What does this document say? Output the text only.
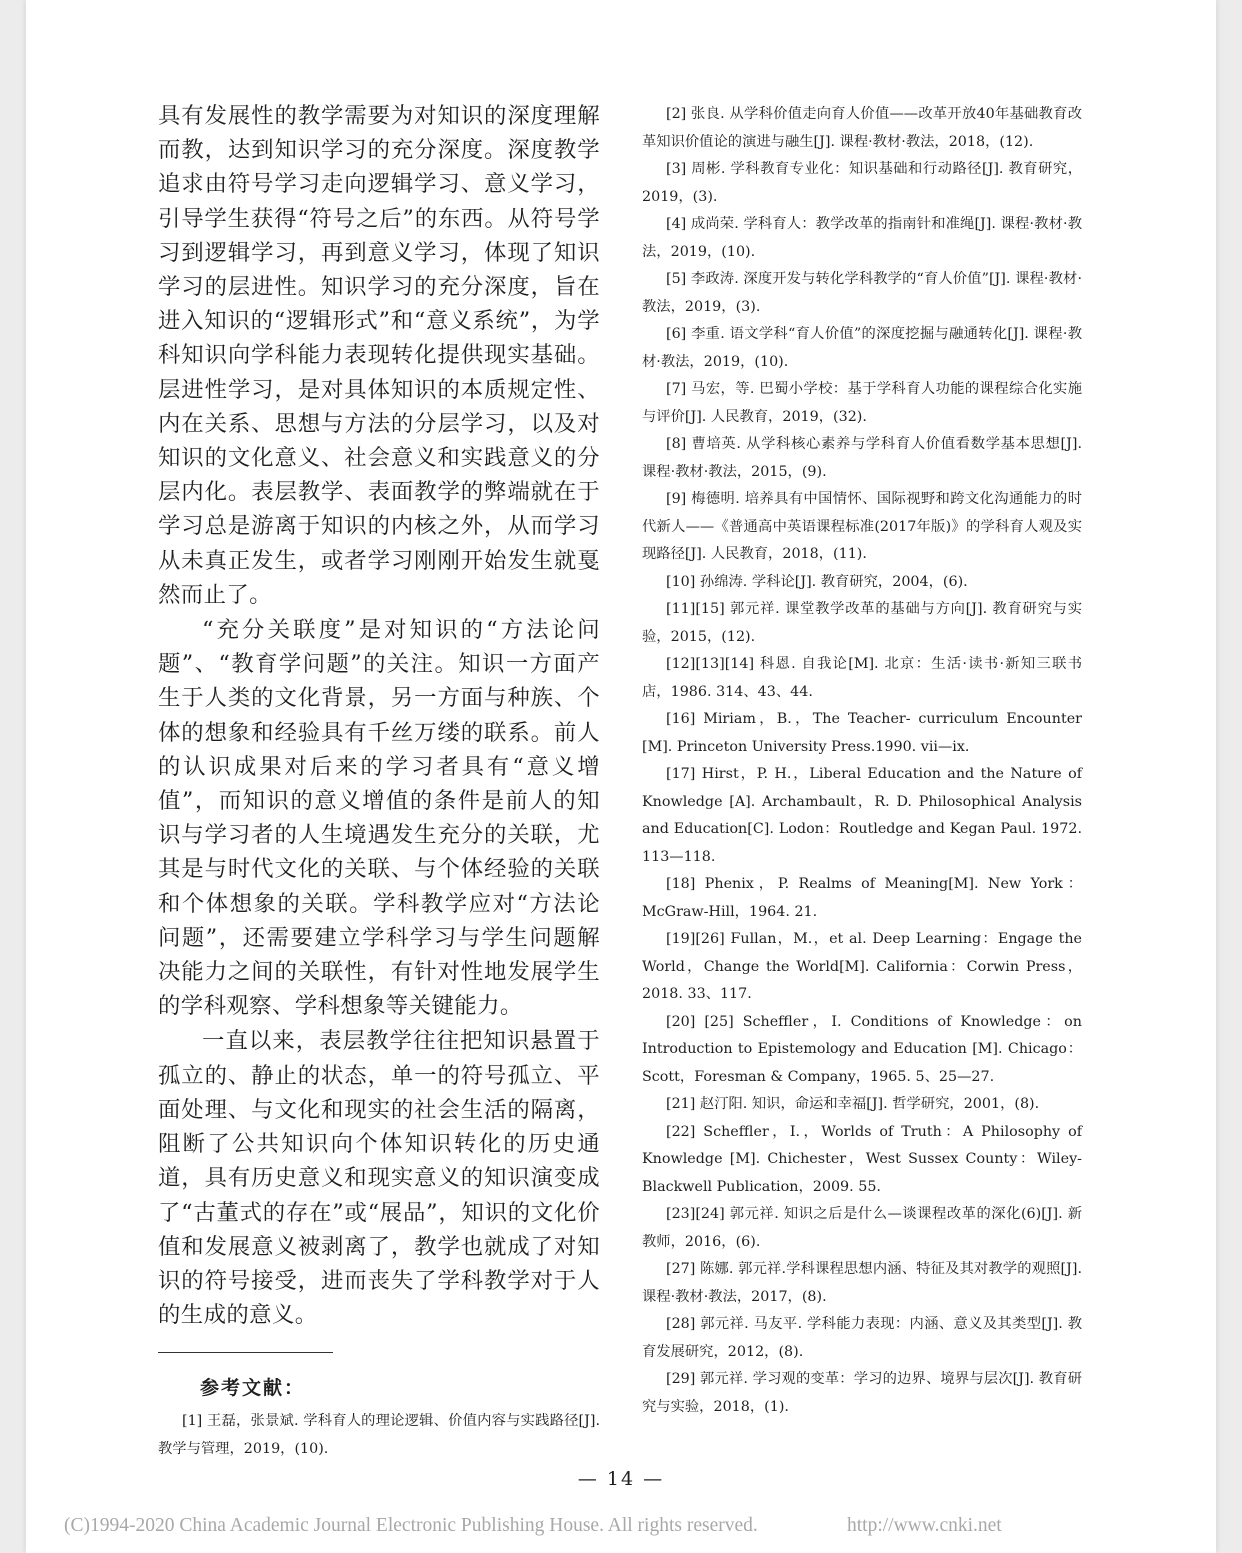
具有发展性的教学需要为对知识的深度理解而教，达到知识学习的充分深度。深度教学追求由符号学习走向逻辑学习、意义学习，引导学生获得“符号之后”的东西。从符号学习到逻辑学习，再到意义学习，体现了知识学习的层进性。知识学习的充分深度，旨在进入知识的“逻辑形式”和“意义系统”，为学科知识向学科能力表现转化提供现实基础。层进性学习，是对具体知识的本质规定性、内在关系、思想与方法的分层学习，以及对知识的文化意义、社会意义和实践意义的分层内化。表层教学、表面教学的弊端就在于学习总是游离于知识的内核之外，从而学习从未真正发生，或者学习刚刚开始发生就戛然而止了。

“充分关联度”是对知识的“方法论问题”、“教育学问题”的关注。知识一方面产生于人类的文化背景，另一方面与种族、个体的想象和经验具有千丝万缕的联系。前人的认识成果对后来的学习者具有“意义增值”，而知识的意义增值的条件是前人的知识与学习者的人生境遇发生充分的关联，尤其是与时代文化的关联、与个体经验的关联和个体想象的关联。学科教学应对“方法论问题”，还需要建立学科学习与学生问题解决能力之间的关联性，有针对性地发展学生的学科观察、学科想象等关键能力。

一直以来，表层教学往往把知识悬置于孤立的、静止的状态，单一的符号孤立、平面处理、与文化和现实的社会生活的隔离，阻断了公共知识向个体知识转化的历史通道，具有历史意义和现实意义的知识演变成了“古董式的存在”或“展品”，知识的文化价值和发展意义被剥离了，教学也就成了对知识的符号接受，进而丧失了学科教学对于人的生成的意义。

参考文献：

[1] 王磊，张景斌. 学科育人的理论逻辑、价值内容与实践路径[J]. 教学与管理，2019，(10).

[2] 张良. 从学科价值走向育人价值——改革开放40年基础教育改革知识价值论的演进与融生[J]. 课程·教材·教法，2018，(12).

[3] 周彬. 学科教育专业化：知识基础和行动路径[J]. 教育研究，2019，(3).

[4] 成尚荣. 学科育人：教学改革的指南针和准绳[J]. 课程·教材·教法，2019，(10).

[5] 李政涛. 深度开发与转化学科教学的“育人价值”[J]. 课程·教材·教法，2019，(3).

[6] 李重. 语文学科“育人价值”的深度挖掘与融通转化[J]. 课程·教材·教法，2019，(10).

[7] 马宏，等. 巴蜀小学校：基于学科育人功能的课程综合化实施与评价[J]. 人民教育，2019，(32).

[8] 曹培英. 从学科核心素养与学科育人价值看数学基本思想[J]. 课程·教材·教法，2015，(9).

[9] 梅德明. 培养具有中国情怀、国际视野和跨文化沟通能力的时代新人——《普通高中英语课程标准(2017年版)》的学科育人观及实现路径[J]. 人民教育，2018，(11).

[10] 孙绵涛. 学科论[J]. 教育研究，2004，(6).

[11][15] 郭元祥. 课堂教学改革的基础与方向[J]. 教育研究与实验，2015，(12).

[12][13][14] 科恩. 自我论[M]. 北京：生活·读书·新知三联书店，1986. 314、43、44.

[16] Miriam，B.，The Teacher- curriculum Encounter [M]. Princeton University Press.1990. vii—ix.

[17] Hirst，P. H.，Liberal Education and the Nature of Knowledge [A]. Archambault，R. D. Philosophical Analysis and Education[C]. Lodon：Routledge and Kegan Paul. 1972. 113—118.

[18] Phenix，P. Realms of Meaning[M]. New York：McGraw-Hill，1964. 21.

[19][26] Fullan，M.，et al. Deep Learning：Engage the World，Change the World[M]. California：Corwin Press，2018. 33、117.

[20] [25] Scheffler，I. Conditions of Knowledge：on Introduction to Epistemology and Education [M]. Chicago：Scott，Foresman & Company，1965. 5、25—27.

[21] 赵汀阳. 知识，命运和幸福[J]. 哲学研究，2001，(8).

[22] Scheffler，I.，Worlds of Truth：A Philosophy of Knowledge [M]. Chichester，West Sussex County：Wiley-Blackwell Publication，2009. 55.

[23][24] 郭元祥. 知识之后是什么—谈课程改革的深化(6)[J]. 新教师，2016，(6).

[27] 陈娜. 郭元祥.学科课程思想内涵、特征及其对教学的观照[J]. 课程·教材·教法，2017，(8).

[28] 郭元祥. 马友平. 学科能力表现：内涵、意义及其类型[J]. 教育发展研究，2012，(8).

[29] 郭元祥. 学习观的变革：学习的边界、境界与层次[J]. 教育研究与实验，2018，(1).

— 14 —
(C)1994-2020 China Academic Journal Electronic Publishing House. All rights reserved.	http://www.cnki.net
